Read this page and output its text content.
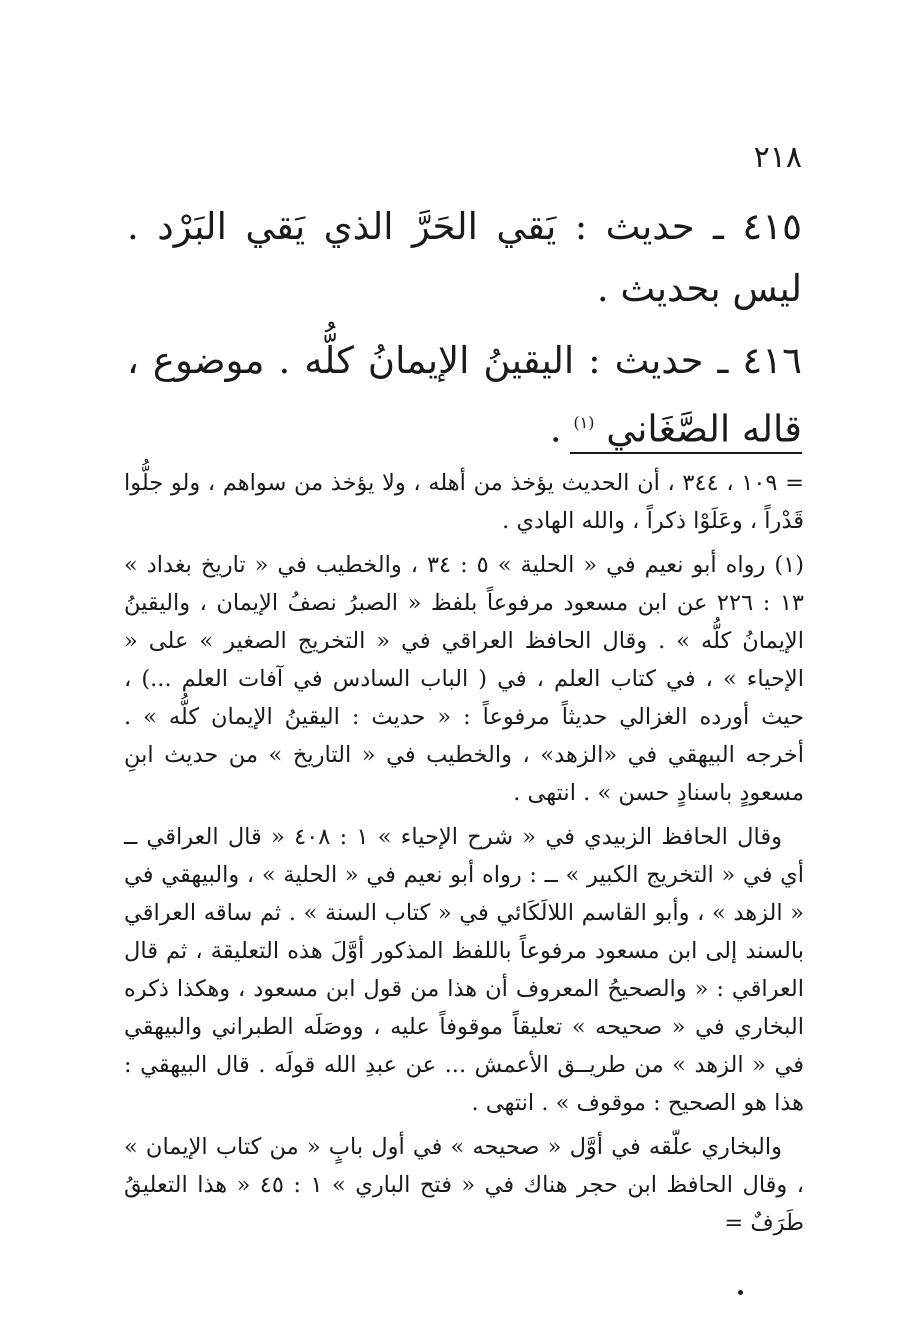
٢١٨

٤١٥ ـ حديث : يَقي الحَرَّ الذي يَقي البَرْد . ليس بحديث .

٤١٦ ـ حديث : اليقينُ الإيمانُ كلُّه . موضوع ، قاله الصَّغَاني $^{(١)}$ .

= ١٠٩ ، ٣٤٤ ، أن الحديث يؤخذ من أهله ، ولا يؤخذ من سواهم ، ولو جلُّوا قَدْراً ، وعَلَوْا ذكراً ، والله الهادي .

(١) رواه أبو نعيم في « الحلية » ٥ : ٣٤ ، والخطيب في « تاريخ بغداد » ١٣ : ٢٢٦ عن ابن مسعود مرفوعاً بلفظ « الصبرُ نصفُ الإيمان ، واليقينُ الإيمانُ كلُّه » . وقال الحافظ العراقي في « التخريج الصغير » على « الإحياء » ، في كتاب العلم ، في ( الباب السادس في آفات العلم ...) ، حيث أورده الغزالي حديثاً مرفوعاً : « حديث : اليقينُ الإيمان كلُّه » . أخرجه البيهقي في «الزهد» ، والخطيب في « التاريخ » من حديث ابنِ مسعودٍ باسنادٍ حسن » . انتهى .

وقال الحافظ الزبيدي في « شرح الإحياء » ١ : ٤٠٨ « قال العراقي ــ أي في « التخريج الكبير » ــ : رواه أبو نعيم في « الحلية » ، والبيهقي في « الزهد » ، وأبو القاسم اللالَكَائي في « كتاب السنة » . ثم ساقه العراقي بالسند إلى ابن مسعود مرفوعاً باللفظ المذكور أوَّلَ هذه التعليقة ، ثم قال العراقي : « والصحيحُ المعروف أن هذا من قول ابن مسعود ، وهكذا ذكره البخاري في « صحيحه » تعليقاً موقوفاً عليه ، ووصَلَه الطبراني والبيهقي في « الزهد » من طريــق الأعمش ... عن عبدِ الله قولَه . قال البيهقي : هذا هو الصحيح : موقوف » . انتهى .

والبخاري علّقه في أوَّل « صحيحه » في أول بابٍ « من كتاب الإيمان » ، وقال الحافظ ابن حجر هناك في « فتح الباري » ١ : ٤٥ « هذا التعليقُ طَرَفٌ =
